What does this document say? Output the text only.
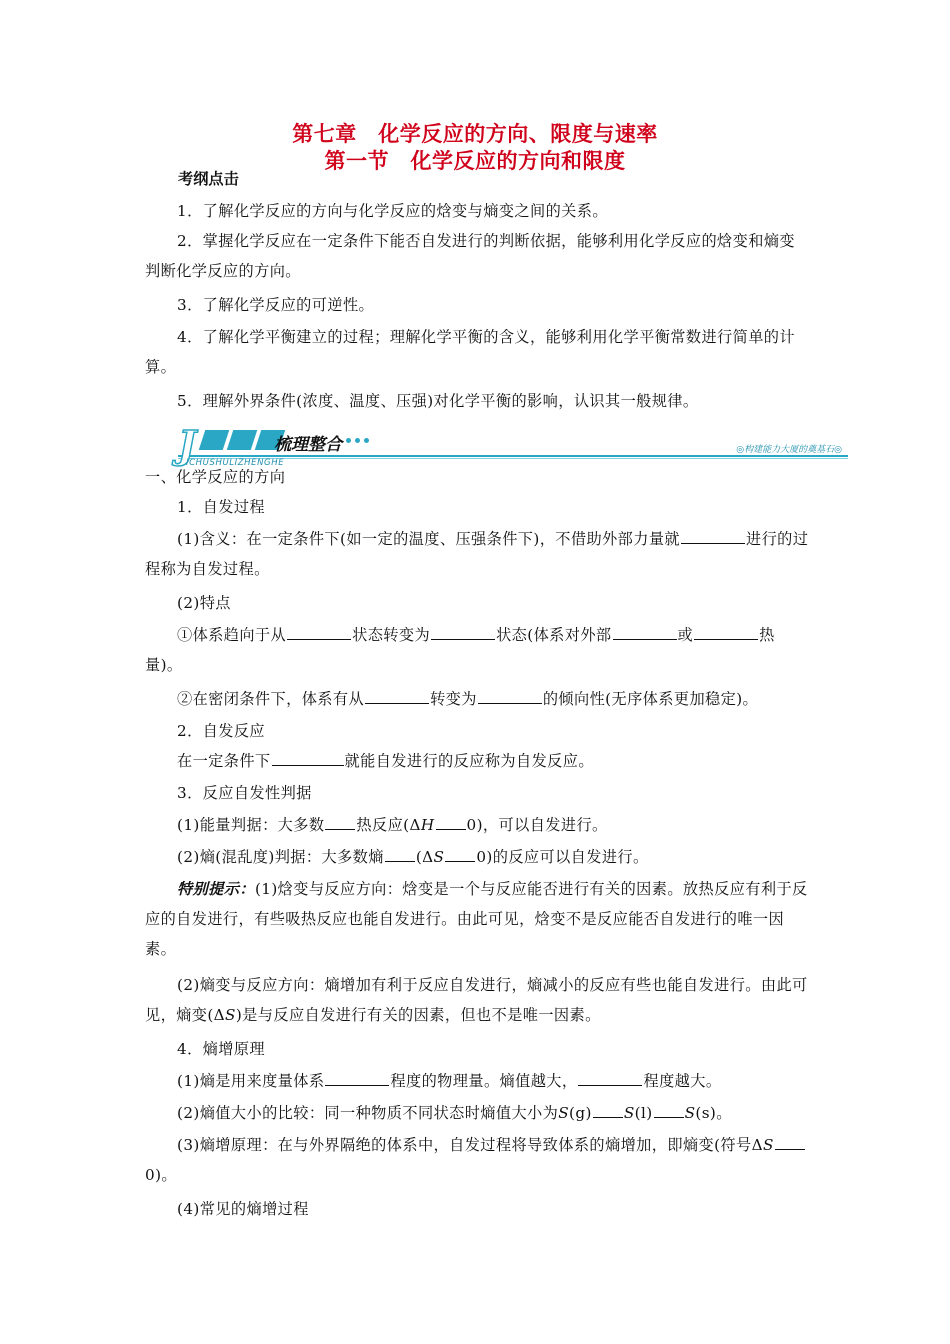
第七章　化学反应的方向、限度与速率
第一节　化学反应的方向和限度
考纲点击

1．了解化学反应的方向与化学反应的焓变与熵变之间的关系。

2．掌握化学反应在一定条件下能否自发进行的判断依据，能够利用化学反应的焓变和熵变判断化学反应的方向。

3．了解化学反应的可逆性。

4．了解化学平衡建立的过程；理解化学平衡的含义，能够利用化学平衡常数进行简单的计算。

5．理解外界条件(浓度、温度、压强)对化学平衡的影响，认识其一般规律。

J	梳理整合
ICHUSHULIZHENGHE
◎构建能力大厦的奠基石◎

一、化学反应的方向

1．自发过程

(1)含义：在一定条件下(如一定的温度、压强条件下)，不借助外部力量就	进行的过程称为自发过程。

(2)特点

①体系趋向于从	状态转变为	状态(体系对外部	或	热量)。

②在密闭条件下，体系有从	转变为	的倾向性(无序体系更加稳定)。

2．自发反应

在一定条件下	就能自发进行的反应称为自发反应。

3．反应自发性判据

(1)能量判据：大多数 热反应(ΔH 0)，可以自发进行。

(2)熵(混乱度)判据：大多数熵 (ΔS 0)的反应可以自发进行。

特别提示：(1)焓变与反应方向：焓变是一个与反应能否进行有关的因素。放热反应有利于反应的自发进行，有些吸热反应也能自发进行。由此可见，焓变不是反应能否自发进行的唯一因素。

(2)熵变与反应方向：熵增加有利于反应自发进行，熵减小的反应有些也能自发进行。由此可见，熵变(ΔS)是与反应自发进行有关的因素，但也不是唯一因素。

4．熵增原理

(1)熵是用来度量体系	程度的物理量。熵值越大，	程度越大。

(2)熵值大小的比较：同一种物质不同状态时熵值大小为S(g) S(l) S(s)。

(3)熵增原理：在与外界隔绝的体系中，自发过程将导致体系的熵增加，即熵变(符号ΔS0)。

(4)常见的熵增过程
